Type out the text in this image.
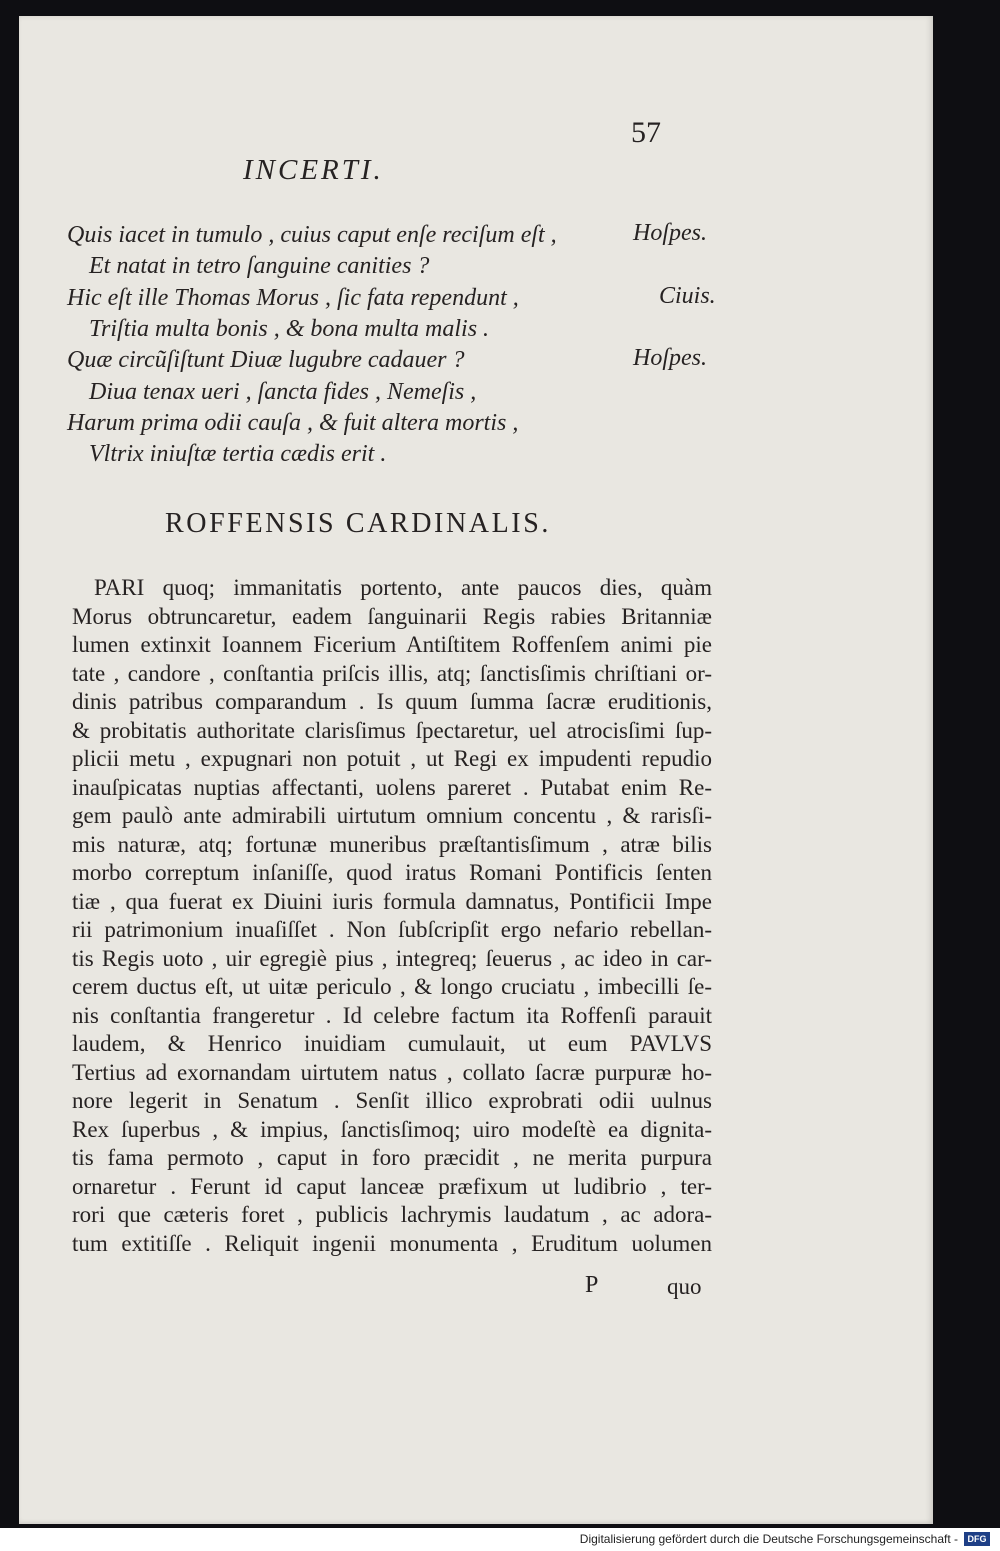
57
INCERTI.
Quis iacet in tumulo , cuius caput enſe reciſum eſt ,	Hoſpes.
Et natat in tetro ſanguine canities ?
Hic eſt ille Thomas Morus , ſic fata rependunt ,	Ciuis.
Triſtia multa bonis , & bona multa malis .
Quæ circũſiſtunt Diuæ lugubre cadauer ?	Hoſpes.
Diua tenax ueri , ſancta fides , Nemeſis ,
Harum prima odii cauſa , & fuit altera mortis ,
Vltrix iniuſtæ tertia cædis erit .
ROFFENSIS CARDINALIS.
PARI quoq; immanitatis portento, ante paucos dies, quàm
Morus obtruncaretur, eadem ſanguinarii Regis rabies Britanniæ
lumen extinxit Ioannem Ficerium Antiſtitem Roffenſem animi pie
tate , candore , conſtantia priſcis illis, atq; ſanctisſimis chriſtiani or-
dinis patribus comparandum . Is quum ſumma ſacræ eruditionis,
& probitatis authoritate clarisſimus ſpectaretur, uel atrocisſimi ſup-
plicii metu , expugnari non potuit , ut Regi ex impudenti repudio
inauſpicatas nuptias affectanti, uolens pareret . Putabat enim Re-
gem paulò ante admirabili uirtutum omnium concentu , & rarisſi-
mis naturæ, atq; fortunæ muneribus præſtantisſimum , atræ bilis
morbo correptum inſaniſſe, quod iratus Romani Pontificis ſenten
tiæ , qua fuerat ex Diuini iuris formula damnatus, Pontificii Impe
rii patrimonium inuaſiſſet . Non ſubſcripſit ergo nefario rebellan-
tis Regis uoto , uir egregiè pius , integreq; ſeuerus , ac ideo in car-
cerem ductus eſt, ut uitæ periculo , & longo cruciatu , imbecilli ſe-
nis conſtantia frangeretur . Id celebre factum ita Roffenſi parauit
laudem, & Henrico inuidiam cumulauit, ut eum PAVLVS
Tertius ad exornandam uirtutem natus , collato ſacræ purpuræ ho-
nore legerit in Senatum . Senſit illico exprobrati odii uulnus
Rex ſuperbus , & impius, ſanctisſimoq; uiro modeſtè ea dignita-
tis fama permoto , caput in foro præcidit , ne merita purpura
ornaretur . Ferunt id caput lanceæ præfixum ut ludibrio , ter-
rori que cæteris foret , publicis lachrymis laudatum , ac adora-
tum extitiſſe . Reliquit ingenii monumenta , Eruditum uolumen
P	quo
Digitalisierung gefördert durch die Deutsche Forschungsgemeinschaft -	DFG
